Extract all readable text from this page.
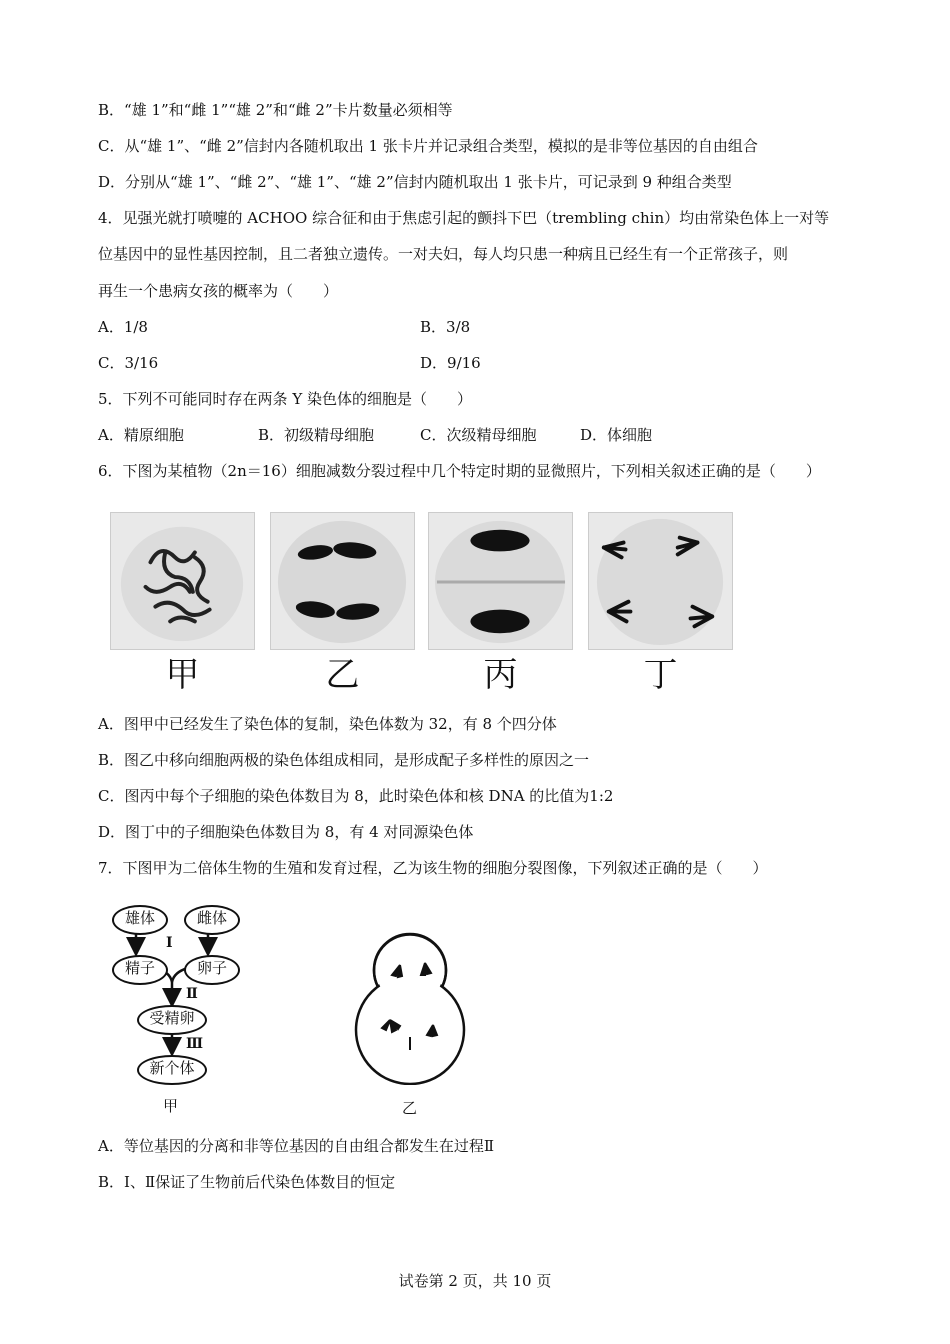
B．“雄 1”和“雌 1”“雄 2”和“雌 2”卡片数量必须相等
C．从“雄 1”、“雌 2”信封内各随机取出 1 张卡片并记录组合类型，模拟的是非等位基因的自由组合
D．分别从“雄 1”、“雌 2”、“雄 1”、“雄 2”信封内随机取出 1 张卡片，可记录到 9 种组合类型
4．见强光就打喷嚏的 ACHOO 综合征和由于焦虑引起的颤抖下巴（trembling chin）均由常染色体上一对等
位基因中的显性基因控制，且二者独立遗传。一对夫妇，每人均只患一种病且已经生有一个正常孩子，则
再生一个患病女孩的概率为（　　）
A．1/8	B．3/8
C．3/16	D．9/16
5．下列不可能同时存在两条 Y 染色体的细胞是（　　）
A．精原细胞	B．初级精母细胞	C．次级精母细胞	D．体细胞
6．下图为某植物（2n＝16）细胞减数分裂过程中几个特定时期的显微照片，下列相关叙述正确的是（　　）
甲	乙	丙	丁
A．图甲中已经发生了染色体的复制，染色体数为 32，有 8 个四分体
B．图乙中移向细胞两极的染色体组成相同，是形成配子多样性的原因之一
C．图丙中每个子细胞的染色体数目为 8，此时染色体和核 DNA 的比值为1:2
D．图丁中的子细胞染色体数目为 8，有 4 对同源染色体
7．下图甲为二倍体生物的生殖和发育过程，乙为该生物的细胞分裂图像，下列叙述正确的是（　　）
雄体	雌体
Ⅰ
精子	卵子
Ⅱ
受精卵
Ⅲ
新个体
甲	乙
A．等位基因的分离和非等位基因的自由组合都发生在过程Ⅱ
B．Ⅰ、Ⅱ保证了生物前后代染色体数目的恒定
试卷第 2 页，共 10 页
